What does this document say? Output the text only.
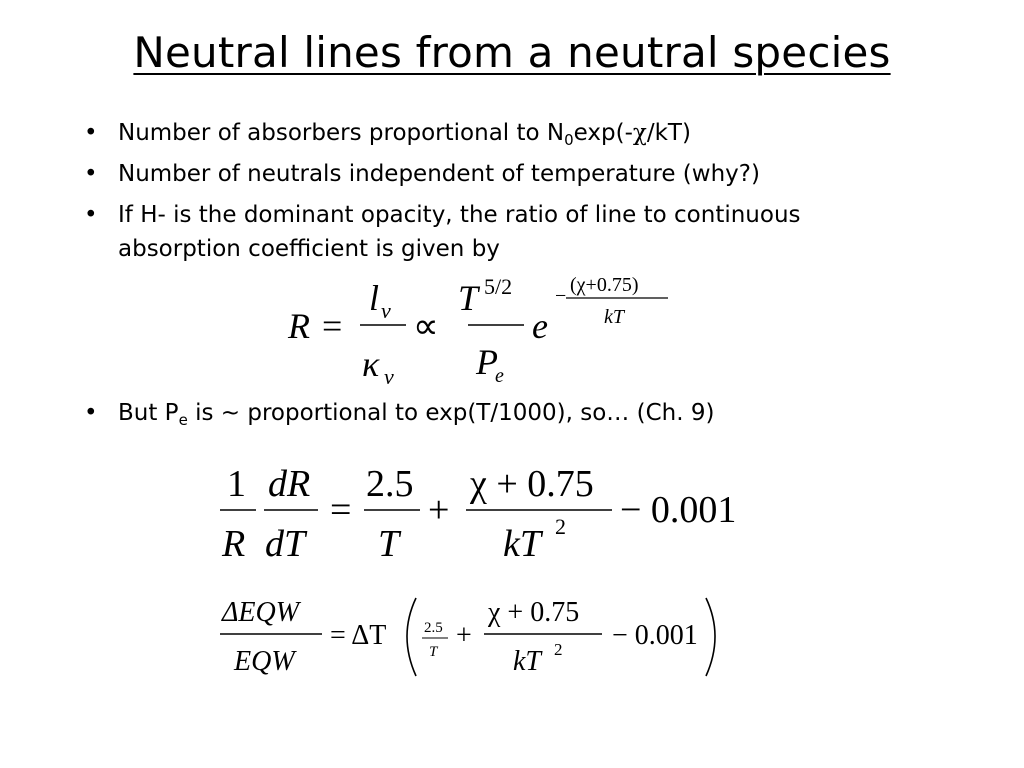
Neutral lines from a neutral species
• Number of absorbers proportional to $N_0\exp(-\chi/kT)$
• Number of neutrals independent of temperature (why?)
• If H- is the dominant opacity, the ratio of line to continuous
absorption coefficient is given by
R =
l ν
κ ν
∝
T 5/2
P
e
e
− (χ+0.75)
kT
• But $P_e$ is ~ proportional to exp(T/1000), so… (Ch. 9)
1
R
dR
dT
=
2.5
T
+
χ + 0.75
kT 2 − 0.001
ΔEQW
EQW
= ΔT	2.5
T
+
χ + 0.75
kT 2 − 0.001
